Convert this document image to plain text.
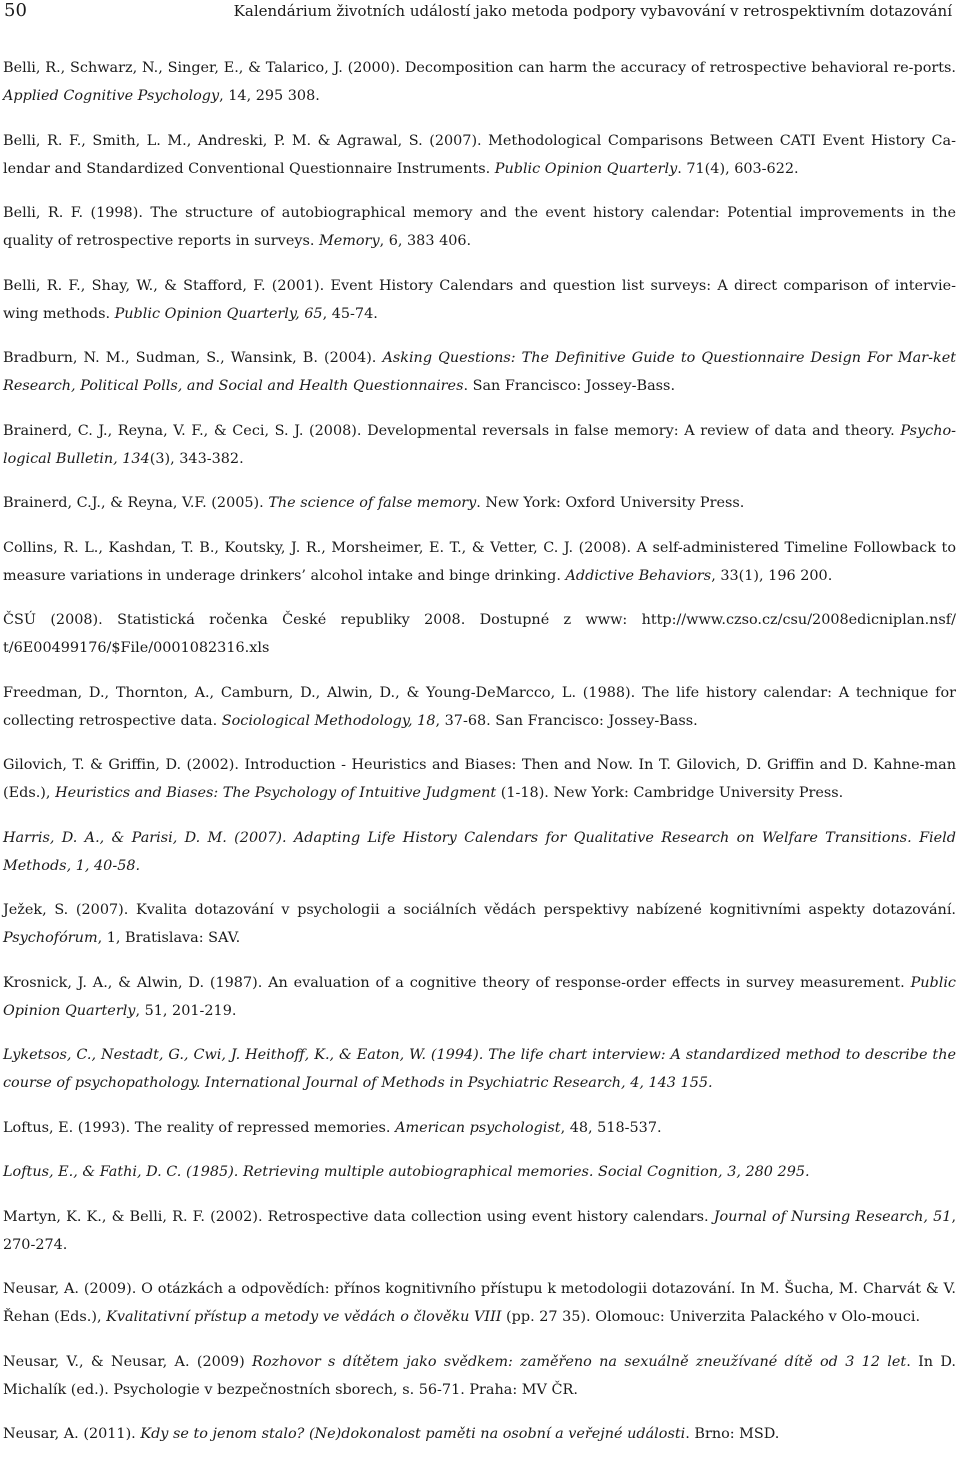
50	Kalendárium životních událostí jako metoda podpory vybavování v retrospektivním dotazování

Belli, R., Schwarz, N., Singer, E., & Talarico, J. (2000). Decomposition can harm the accuracy of retrospective behavioral re-ports. Applied Cognitive Psychology, 14, 295 308.

Belli, R. F., Smith, L. M., Andreski, P. M. & Agrawal, S. (2007). Methodological Comparisons Between CATI Event History Ca-lendar and Standardized Conventional Questionnaire Instruments. Public Opinion Quarterly. 71(4), 603-622.

Belli, R. F. (1998). The structure of autobiographical memory and the event history calendar: Potential improvements in the quality of retrospective reports in surveys. Memory, 6, 383 406.

Belli, R. F., Shay, W., & Stafford, F. (2001). Event History Calendars and question list surveys: A direct comparison of intervie-wing methods. Public Opinion Quarterly, 65, 45-74.

Bradburn, N. M., Sudman, S., Wansink, B. (2004). Asking Questions: The Definitive Guide to Questionnaire Design For Mar-ket Research, Political Polls, and Social and Health Questionnaires. San Francisco: Jossey-Bass.

Brainerd, C. J., Reyna, V. F., & Ceci, S. J. (2008). Developmental reversals in false memory: A review of data and theory. Psycho-logical Bulletin, 134(3), 343-382.

Brainerd, C.J., & Reyna, V.F. (2005). The science of false memory. New York: Oxford University Press.

Collins, R. L., Kashdan, T. B., Koutsky, J. R., Morsheimer, E. T., & Vetter, C. J. (2008). A self-administered Timeline Followback to measure variations in underage drinkers’ alcohol intake and binge drinking. Addictive Behaviors, 33(1), 196 200.

ČSÚ (2008). Statistická ročenka České republiky 2008. Dostupné z www: http://www.czso.cz/csu/2008edicniplan.nsf/ t/6E00499176/$File/0001082316.xls

Freedman, D., Thornton, A., Camburn, D., Alwin, D., & Young-DeMarcco, L. (1988). The life history calendar: A technique for collecting retrospective data. Sociological Methodology, 18, 37-68. San Francisco: Jossey-Bass.

Gilovich, T. & Griffin, D. (2002). Introduction - Heuristics and Biases: Then and Now. In T. Gilovich, D. Griffin and D. Kahne-man (Eds.), Heuristics and Biases: The Psychology of Intuitive Judgment (1-18). New York: Cambridge University Press.

Harris, D. A., & Parisi, D. M. (2007). Adapting Life History Calendars for Qualitative Research on Welfare Transitions. Field Methods, 1, 40-58.

Ježek, S. (2007). Kvalita dotazování v psychologii a sociálních vědách perspektivy nabízené kognitivními aspekty dotazování. Psychofórum, 1, Bratislava: SAV.

Krosnick, J. A., & Alwin, D. (1987). An evaluation of a cognitive theory of response-order effects in survey measurement. Public Opinion Quarterly, 51, 201-219.

Lyketsos, C., Nestadt, G., Cwi, J. Heithoff, K., & Eaton, W. (1994). The life chart interview: A standardized method to describe the course of psychopathology. International Journal of Methods in Psychiatric Research, 4, 143 155.

Loftus, E. (1993). The reality of repressed memories. American psychologist, 48, 518-537.

Loftus, E., & Fathi, D. C. (1985). Retrieving multiple autobiographical memories. Social Cognition, 3, 280 295.

Martyn, K. K., & Belli, R. F. (2002). Retrospective data collection using event history calendars. Journal of Nursing Research, 51, 270-274.

Neusar, A. (2009). O otázkách a odpovědích: přínos kognitivního přístupu k metodologii dotazování. In M. Šucha, M. Charvát & V. Řehan (Eds.), Kvalitativní přístup a metody ve vědách o člověku VIII (pp. 27 35). Olomouc: Univerzita Palackého v Olo-mouci.

Neusar, V., & Neusar, A. (2009) Rozhovor s dítětem jako svědkem: zaměřeno na sexuálně zneužívané dítě od 3 12 let. In D. Michalík (ed.). Psychologie v bezpečnostních sborech, s. 56-71. Praha: MV ČR.

Neusar, A. (2011). Kdy se to jenom stalo? (Ne)dokonalost paměti na osobní a veřejné události. Brno: MSD.
